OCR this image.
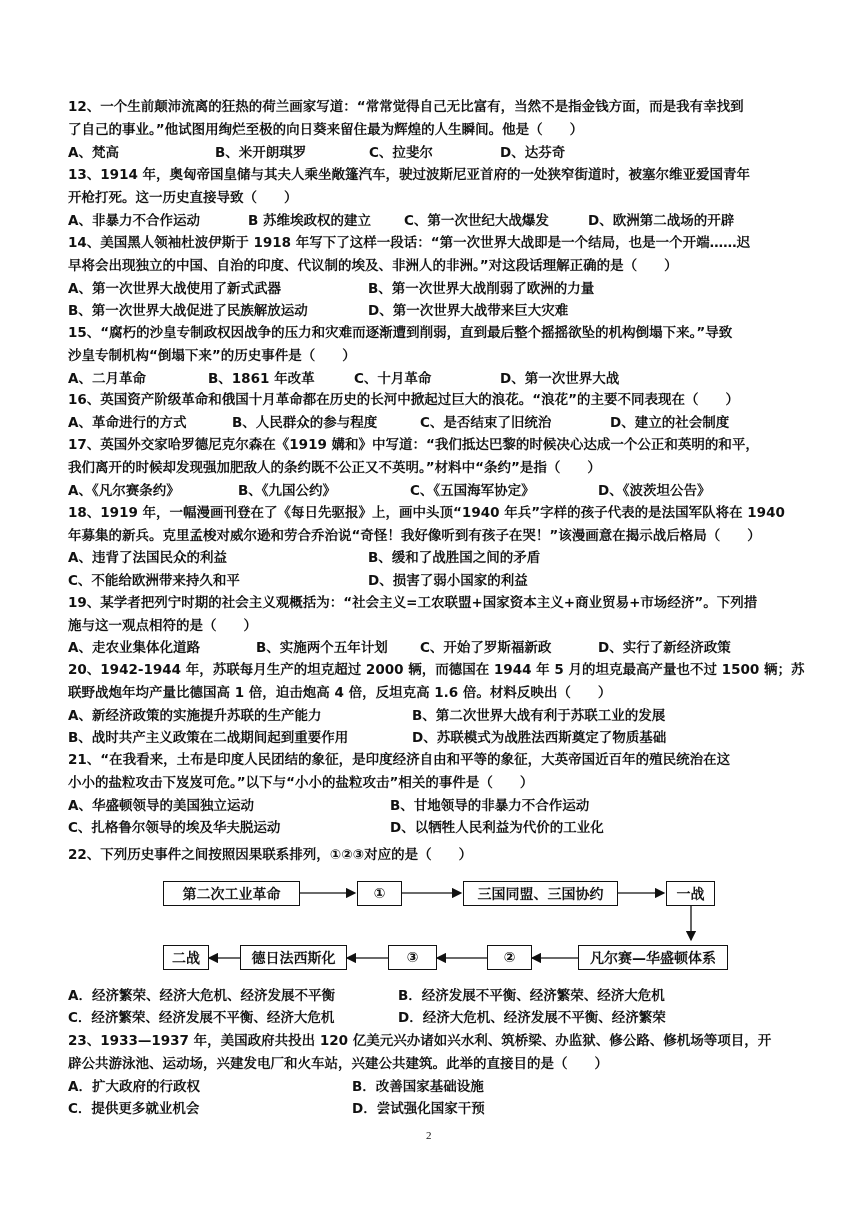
12、一个生前颠沛流离的狂热的荷兰画家写道：“常常觉得自己无比富有，当然不是指金钱方面，而是我有幸找到
了自己的事业。”他试图用绚烂至极的向日葵来留住最为辉煌的人生瞬间。他是（　　）
A、梵高	B、米开朗琪罗	C、拉斐尔	D、达芬奇
13、1914 年，奥匈帝国皇储与其夫人乘坐敞篷汽车，驶过波斯尼亚首府的一处狭窄街道时，被塞尔维亚爱国青年
开枪打死。这一历史直接导致（　　）
A、非暴力不合作运动	B 苏维埃政权的建立 C、第一次世纪大战爆发	D、欧洲第二战场的开辟
14、美国黑人领袖杜波伊斯于 1918 年写下了这样一段话：“第一次世界大战即是一个结局，也是一个开端……迟
早将会出现独立的中国、自治的印度、代议制的埃及、非洲人的非洲。”对这段话理解正确的是（　　）
A、第一次世界大战使用了新式武器	B、第一次世界大战削弱了欧洲的力量
B、第一次世界大战促进了民族解放运动	D、第一次世界大战带来巨大灾难
15、“腐朽的沙皇专制政权因战争的压力和灾难而逐渐遭到削弱，直到最后整个摇摇欲坠的机构倒塌下来。”导致
沙皇专制机构“倒塌下来”的历史事件是（　　）
A、二月革命	B、1861 年改革	C、十月革命	D、第一次世界大战
16、英国资产阶级革命和俄国十月革命都在历史的长河中掀起过巨大的浪花。“浪花”的主要不同表现在（　　）
A、革命进行的方式	B、人民群众的参与程度	C、是否结束了旧统治	D、建立的社会制度
17、英国外交家哈罗德尼克尔森在《1919 媾和》中写道：“我们抵达巴黎的时候决心达成一个公正和英明的和平，
我们离开的时候却发现强加肥敌人的条约既不公正又不英明。”材料中“条约”是指（　　）
A、《凡尔赛条约》	B、《九国公约》	C、《五国海军协定》	D、《波茨坦公告》
18、1919 年，一幅漫画刊登在了《每日先驱报》上，画中头顶“1940 年兵”字样的孩子代表的是法国军队将在 1940
年募集的新兵。克里孟梭对威尔逊和劳合乔治说“奇怪！我好像听到有孩子在哭！”该漫画意在揭示战后格局（　　）
A、违背了法国民众的利益	B、缓和了战胜国之间的矛盾
C、不能给欧洲带来持久和平	D、损害了弱小国家的利益
19、某学者把列宁时期的社会主义观概括为：“社会主义=工农联盟+国家资本主义+商业贸易+市场经济”。下列措
施与这一观点相符的是（　　）
A、走农业集体化道路	B、实施两个五年计划 C、开始了罗斯福新政	D、实行了新经济政策
20、1942-1944 年，苏联每月生产的坦克超过 2000 辆，而德国在 1944 年 5 月的坦克最高产量也不过 1500 辆；苏
联野战炮年均产量比德国高 1 倍，迫击炮高 4 倍，反坦克高 1.6 倍。材料反映出（　　）
A、新经济政策的实施提升苏联的生产能力	B、第二次世界大战有利于苏联工业的发展
B、战时共产主义政策在二战期间起到重要作用	D、苏联模式为战胜法西斯奠定了物质基础
21、“在我看来，土布是印度人民团结的象征，是印度经济自由和平等的象征，大英帝国近百年的殖民统治在这
小小的盐粒攻击下岌岌可危。”以下与“小小的盐粒攻击”相关的事件是（　　）
A、华盛顿领导的美国独立运动	B、甘地领导的非暴力不合作运动
C、扎格鲁尔领导的埃及华夫脱运动	D、以牺牲人民利益为代价的工业化
22、下列历史事件之间按照因果联系排列，①②③对应的是（　　）
第二次工业革命	①	三国同盟、三国协约	一战
凡尔赛—华盛顿体系
②
③
德日法西斯化
二战
A．经济繁荣、经济大危机、经济发展不平衡	B．经济发展不平衡、经济繁荣、经济大危机
C．经济繁荣、经济发展不平衡、经济大危机	D．经济大危机、经济发展不平衡、经济繁荣
23、1933—1937 年，美国政府共投出 120 亿美元兴办诸如兴水利、筑桥梁、办监狱、修公路、修机场等项目，开
辟公共游泳池、运动场，兴建发电厂和火车站，兴建公共建筑。此举的直接目的是（　　）
A．扩大政府的行政权	B．改善国家基础设施
C．提供更多就业机会	D．尝试强化国家干预
2
